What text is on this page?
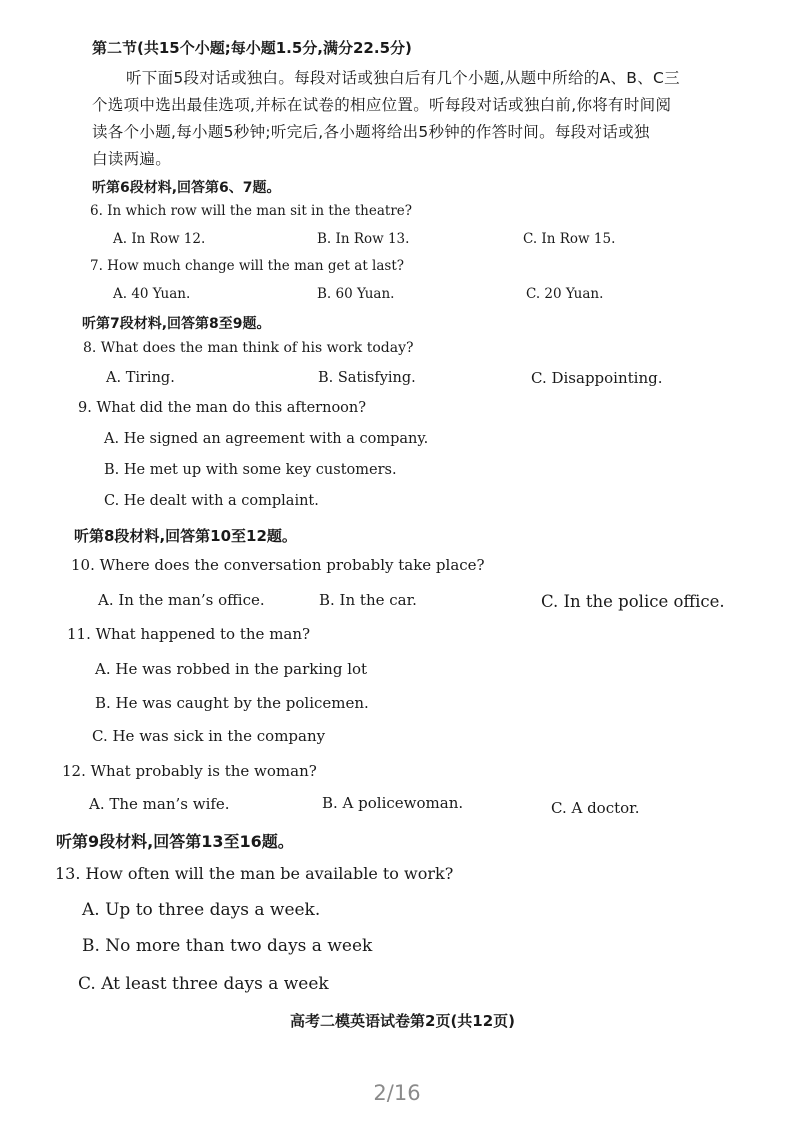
第二节(共15个小题;每小题1.5分,满分22.5分)
听下面5段对话或独白。每段对话或独白后有几个小题,从题中所给的A、B、C三
个选项中选出最佳选项,并标在试卷的相应位置。听每段对话或独白前,你将有时间阅
读各个小题,每小题5秒钟;听完后,各小题将给出5秒钟的作答时间。每段对话或独
白读两遍。
听第6段材料,回答第6、7题。
6. In which row will the man sit in the theatre?
A. In Row 12.	B. In Row 13.	C. In Row 15.
7. How much change will the man get at last?
A. 40 Yuan.	B. 60 Yuan.	C. 20 Yuan.
听第7段材料,回答第8至9题。
8. What does the man think of his work today?
A. Tiring.	B. Satisfying.	C. Disappointing.
9. What did the man do this afternoon?
A. He signed an agreement with a company.
B. He met up with some key customers.
C. He dealt with a complaint.
听第8段材料,回答第10至12题。
10. Where does the conversation probably take place?
A. In the man’s office.	B. In the car.	C. In the police office.
11. What happened to the man?
A. He was robbed in the parking lot
B. He was caught by the policemen.
C. He was sick in the company
12. What probably is the woman?
A. The man’s wife.	B. A policewoman.	C. A doctor.
听第9段材料,回答第13至16题。
13. How often will the man be available to work?
A. Up to three days a week.
B. No more than two days a week
C. At least three days a week
高考二模英语试卷第2页(共12页)
2/16
